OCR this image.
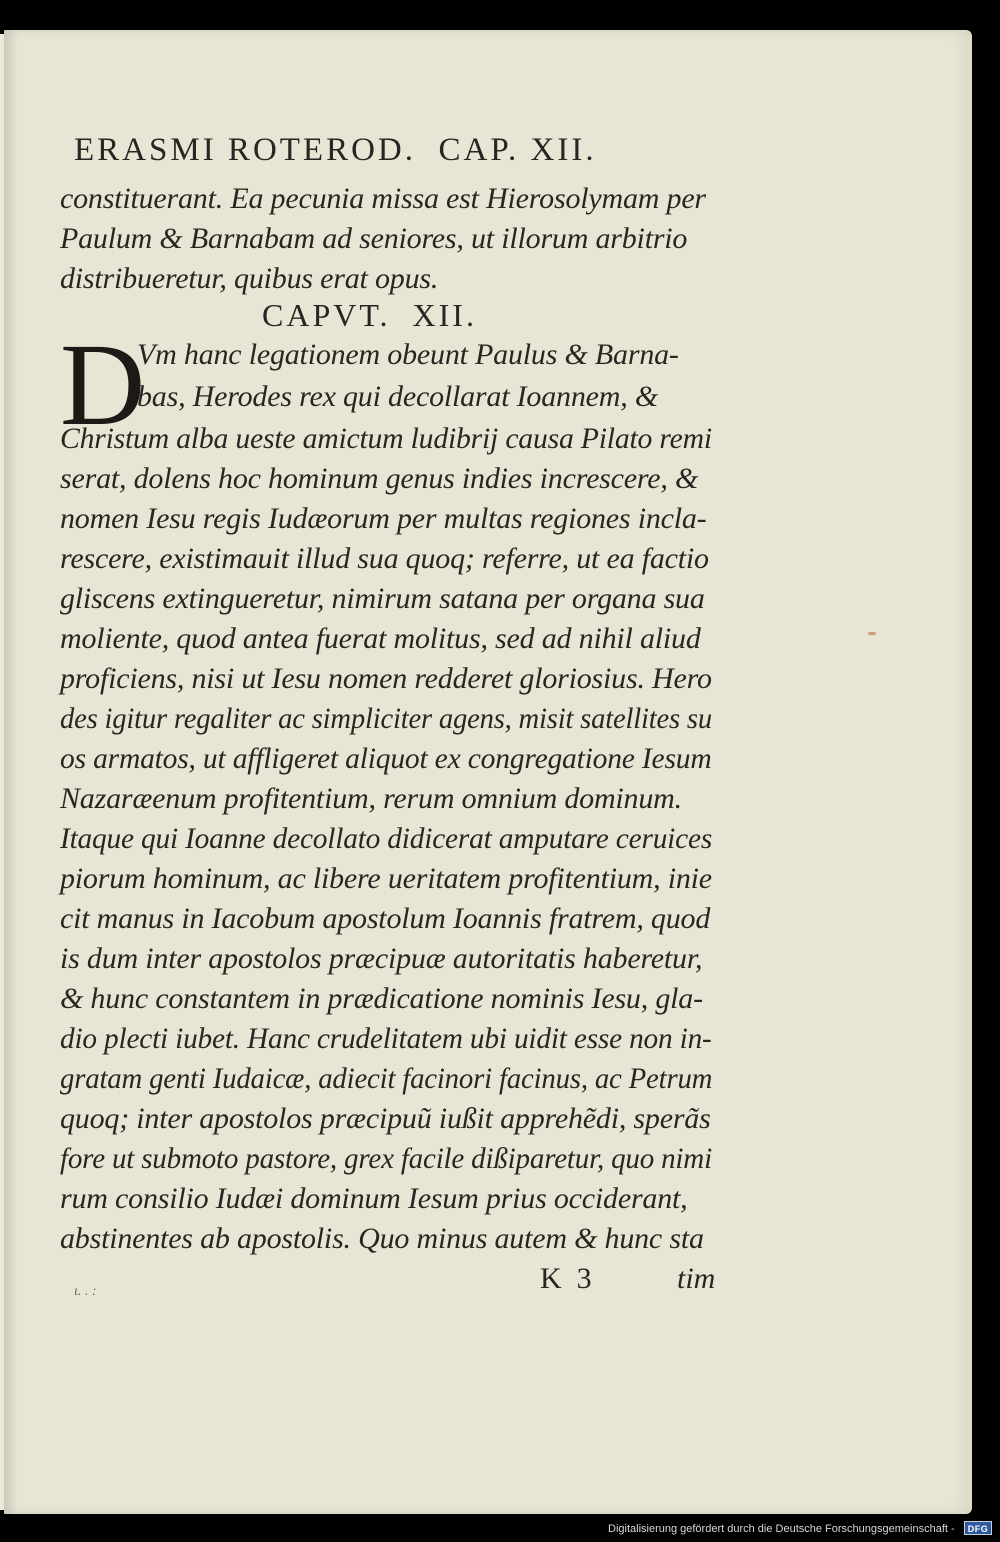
ERASMI ROTEROD.  CAP. XII.
constituerant. Ea pecunia missa est Hierosolymam per
Paulum & Barnabam ad seniores, ut illorum arbitrio
distribueretur, quibus erat opus.
CAPVT.  XII.
D
Vm hanc legationem obeunt Paulus & Barna-
bas, Herodes rex qui decollarat Ioannem, &
Christum alba ueste amictum ludibrij causa Pilato remi
serat, dolens hoc hominum genus indies increscere, &
nomen Iesu regis Iudæorum per multas regiones incla-
rescere, existimauit illud sua quoq; referre, ut ea factio
gliscens extingueretur, nimirum satana per organa sua
moliente, quod antea fuerat molitus, sed ad nihil aliud
proficiens, nisi ut Iesu nomen redderet gloriosius. Hero
des igitur regaliter ac simpliciter agens, misit satellites su
os armatos, ut affligeret aliquot ex congregatione Iesum
Nazaræenum profitentium, rerum omnium dominum.
Itaque qui Ioanne decollato didicerat amputare ceruices
piorum hominum, ac libere ueritatem profitentium, inie
cit manus in Iacobum apostolum Ioannis fratrem, quod
is dum inter apostolos præcipuæ autoritatis haberetur,
& hunc constantem in prædicatione nominis Iesu, gla-
dio plecti iubet. Hanc crudelitatem ubi uidit esse non in-
gratam genti Iudaicæ, adiecit facinori facinus, ac Petrum
quoq; inter apostolos præcipuũ iußit apprehẽdi, sperãs
fore ut submoto pastore, grex facile dißiparetur, quo nimi
rum consilio Iudæi dominum Iesum prius occiderant,
abstinentes ab apostolis. Quo minus autem & hunc sta
K  3	tim
ι. . :
Digitalisierung gefördert durch die Deutsche Forschungsgemeinschaft -	DFG
